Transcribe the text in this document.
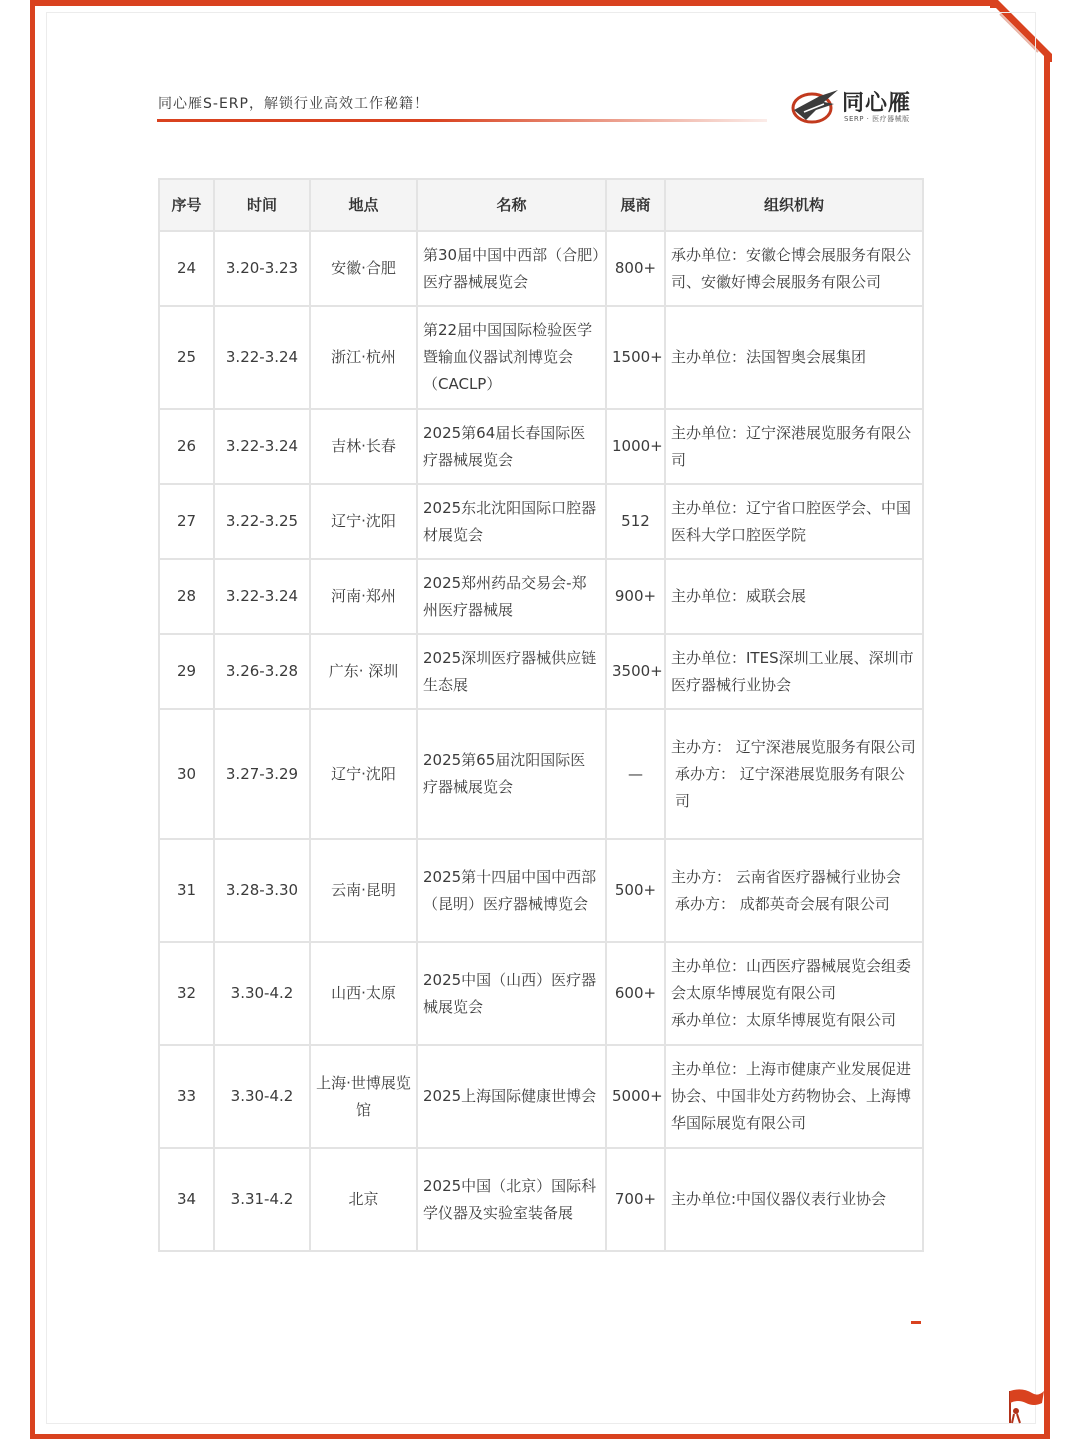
同心雁S-ERP，解锁行业高效工作秘籍！	同心雁
SERP · 医疗器械版
序号	时间	地点	名称	展商	组织机构
24	3.20-3.23	安徽·合肥	第30届中国中西部（合肥）医疗器械展览会	800+	承办单位：安徽仑博会展服务有限公司、安徽好博会展服务有限公司

25	3.22-3.24	浙江·杭州	第22届中国国际检验医学暨输血仪器试剂博览会（CACLP）	1500+	主办单位：法国智奥会展集团

26	3.22-3.24	吉林·长春	2025第64届长春国际医疗器械展览会	1000+	主办单位：辽宁深港展览服务有限公司

27	3.22-3.25	辽宁·沈阳	2025东北沈阳国际口腔器材展览会	512	主办单位：辽宁省口腔医学会、中国医科大学口腔医学院

28	3.22-3.24	河南·郑州	2025郑州药品交易会-郑州医疗器械展	900+	主办单位：威联会展

29	3.26-3.28	广东· 深圳	2025深圳医疗器械供应链生态展	3500+	主办单位：ITES深圳工业展、深圳市医疗器械行业协会

30	3.27-3.29	辽宁·沈阳	2025第65届沈阳国际医疗器械展览会	—	主办方： 辽宁深港展览服务有限公司
承办方： 辽宁深港展览服务有限公司

31	3.28-3.30	云南·昆明	2025第十四届中国中西部（昆明）医疗器械博览会	500+	主办方： 云南省医疗器械行业协会
承办方： 成都英奇会展有限公司

32	3.30-4.2	山西·太原	2025中国（山西）医疗器械展览会	600+	主办单位：山西医疗器械展览会组委会太原华博展览有限公司
承办单位：太原华博展览有限公司

33	3.30-4.2	上海·世博展览馆	2025上海国际健康世博会	5000+	主办单位：上海市健康产业发展促进协会、中国非处方药物协会、上海博华国际展览有限公司

34	3.31-4.2	北京	2025中国（北京）国际科学仪器及实验室装备展	700+	主办单位:中国仪器仪表行业协会
